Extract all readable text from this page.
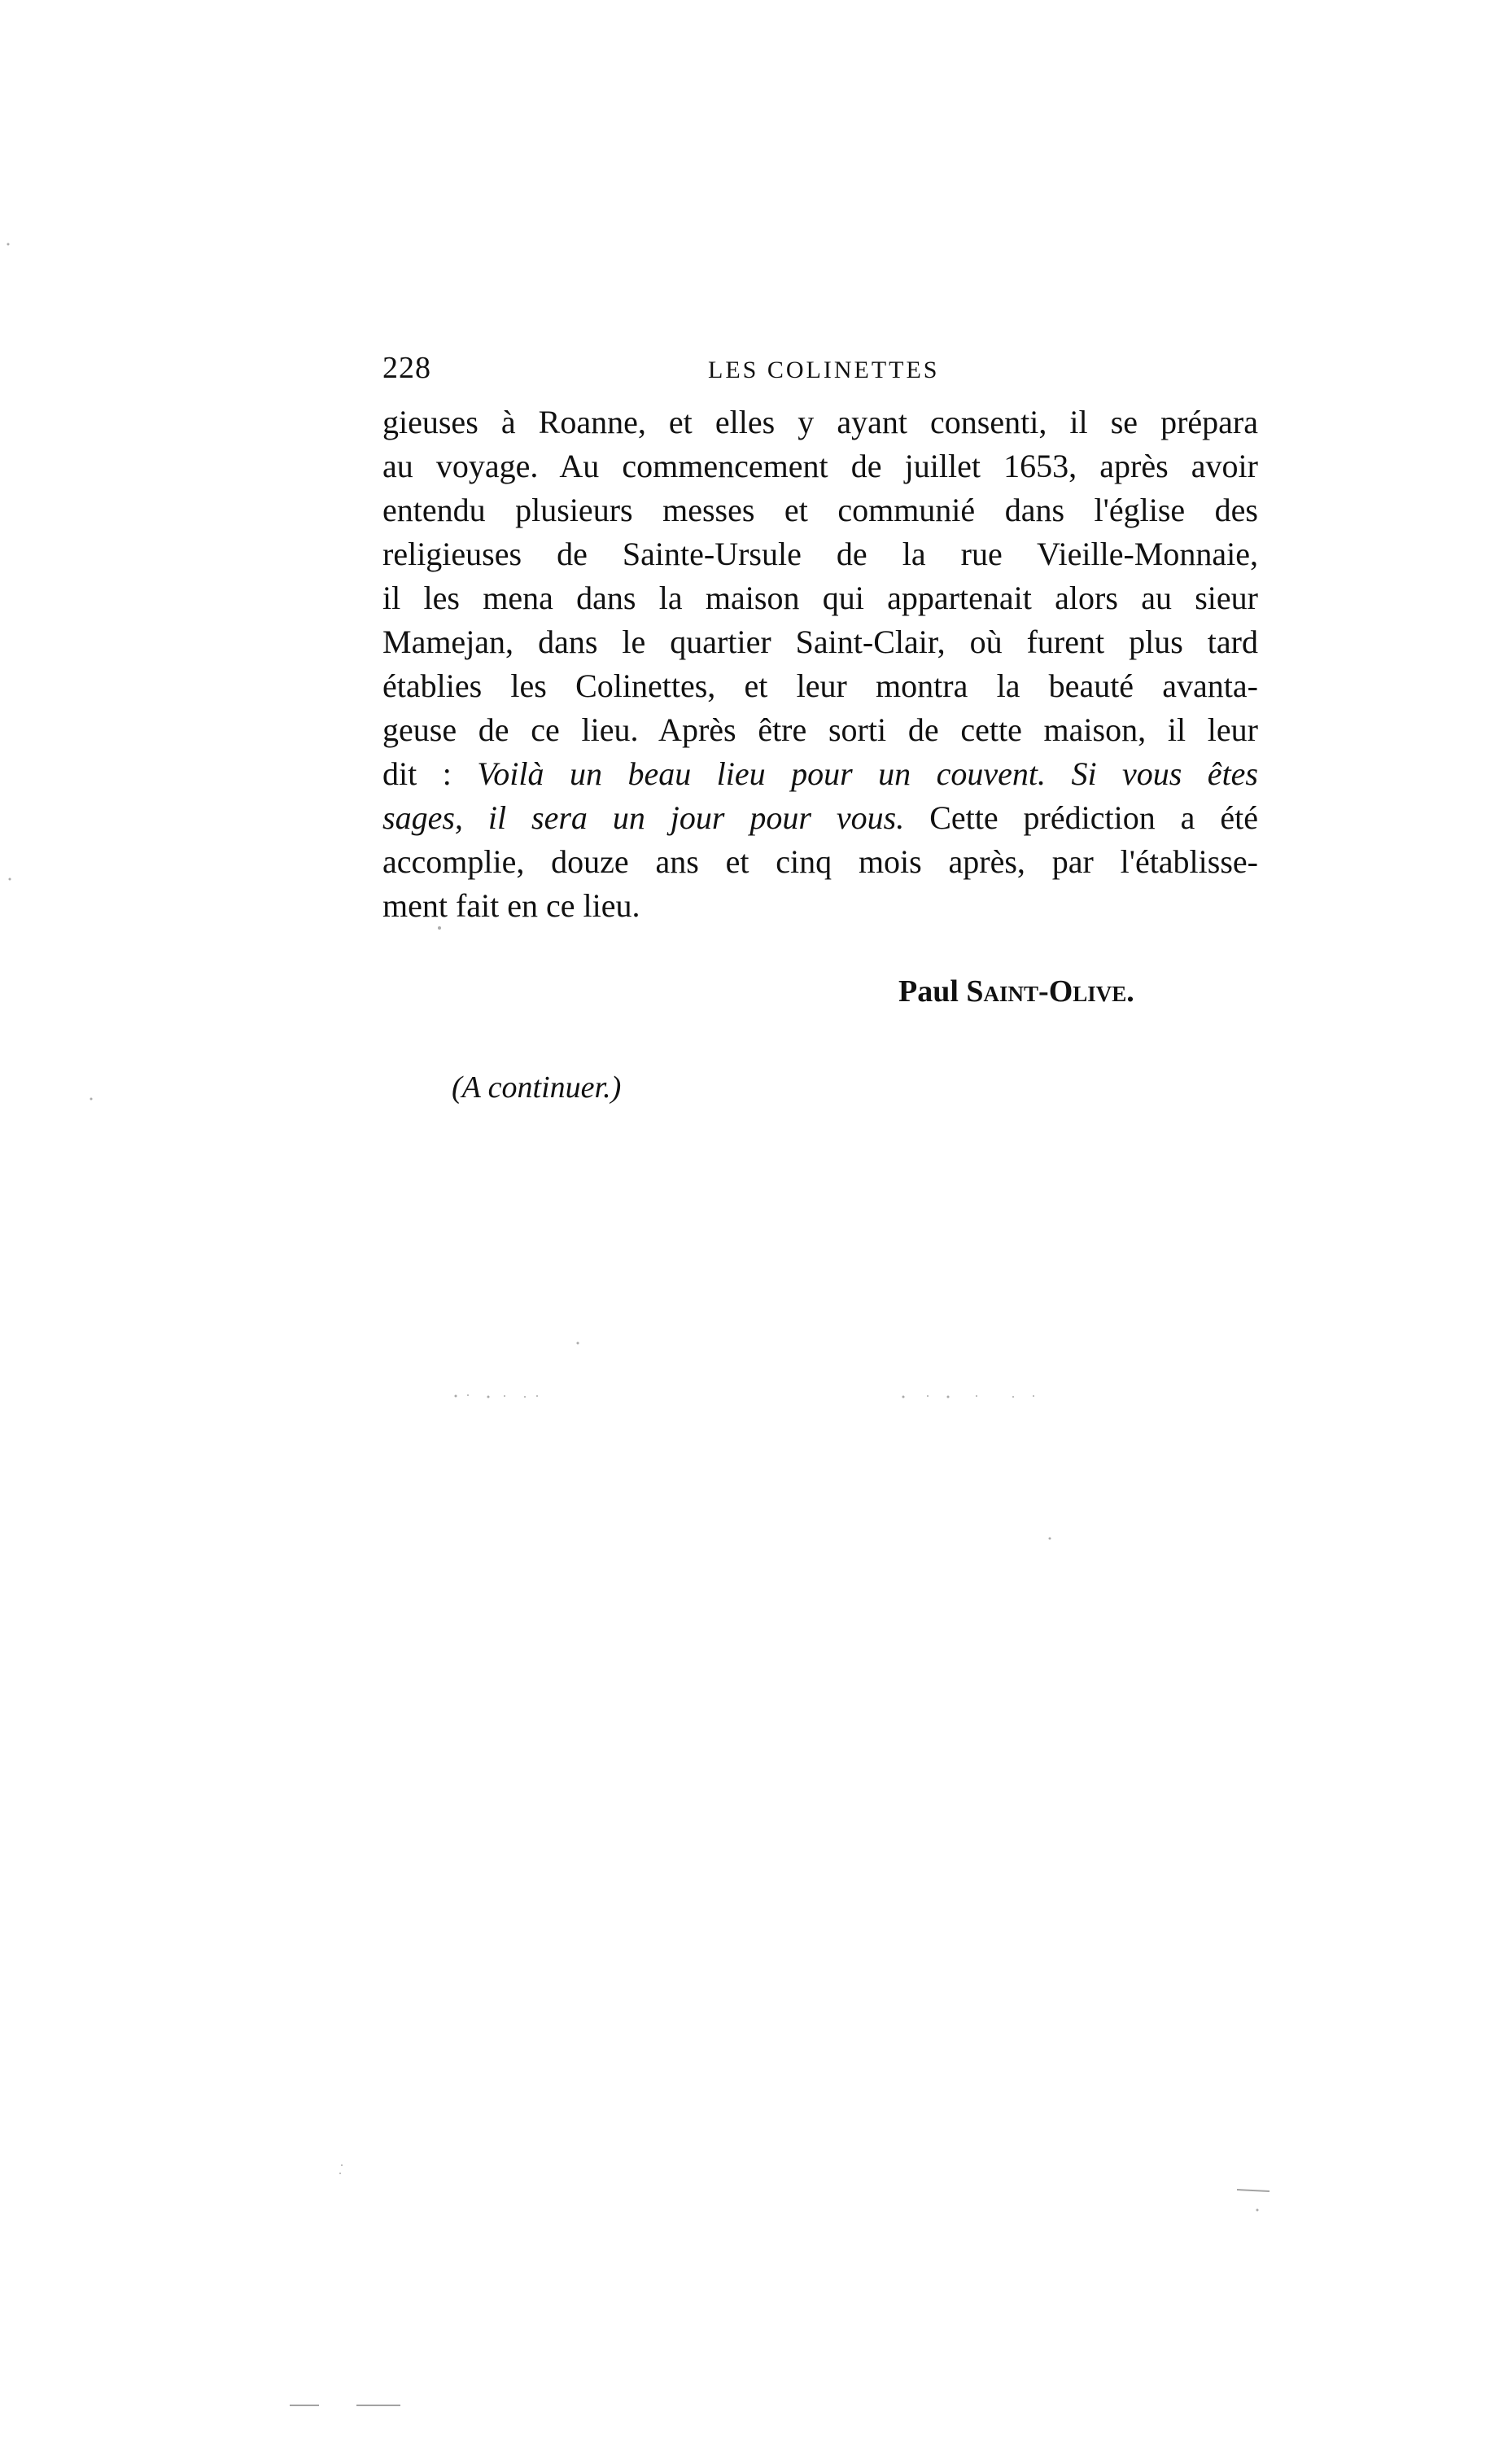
228	LES COLINETTES
gieuses à Roanne, et elles y ayant consenti, il se prépara
au voyage. Au commencement de juillet 1653, après avoir
entendu plusieurs messes et communié dans l'église des
religieuses de Sainte-Ursule de la rue Vieille-Monnaie,
il les mena dans la maison qui appartenait alors au sieur
Mamejan, dans le quartier Saint-Clair, où furent plus tard
établies les Colinettes, et leur montra la beauté avanta-
geuse de ce lieu. Après être sorti de cette maison, il leur
dit : Voilà un beau lieu pour un couvent. Si vous êtes
sages, il sera un jour pour vous. Cette prédiction a été
accomplie, douze ans et cinq mois après, par l'établisse-
ment fait en ce lieu.
Paul Saint-Olive.
(A continuer.)
